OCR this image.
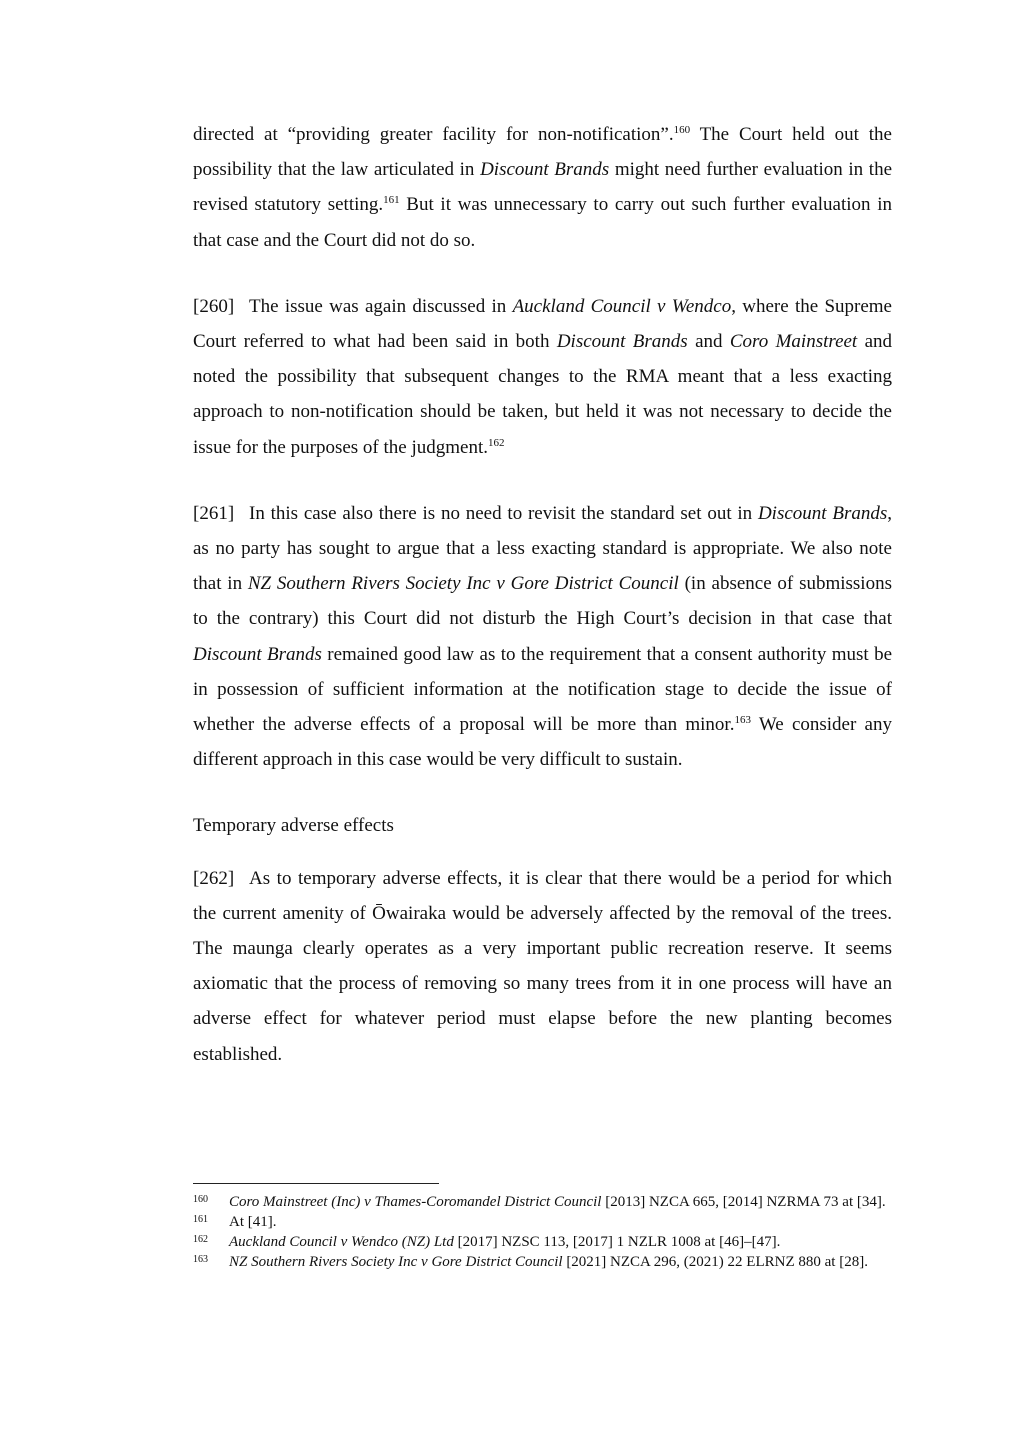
directed at “providing greater facility for non-notification”.$^{160}$ The Court held out the possibility that the law articulated in Discount Brands might need further evaluation in the revised statutory setting.$^{161}$ But it was unnecessary to carry out such further evaluation in that case and the Court did not do so.

[260] The issue was again discussed in Auckland Council v Wendco, where the Supreme Court referred to what had been said in both Discount Brands and Coro Mainstreet and noted the possibility that subsequent changes to the RMA meant that a less exacting approach to non-notification should be taken, but held it was not necessary to decide the issue for the purposes of the judgment.$^{162}$

[261] In this case also there is no need to revisit the standard set out in Discount Brands, as no party has sought to argue that a less exacting standard is appropriate. We also note that in NZ Southern Rivers Society Inc v Gore District Council (in absence of submissions to the contrary) this Court did not disturb the High Court’s decision in that case that Discount Brands remained good law as to the requirement that a consent authority must be in possession of sufficient information at the notification stage to decide the issue of whether the adverse effects of a proposal will be more than minor.$^{163}$ We consider any different approach in this case would be very difficult to sustain.

Temporary adverse effects

[262] As to temporary adverse effects, it is clear that there would be a period for which the current amenity of Ōwairaka would be adversely affected by the removal of the trees. The maunga clearly operates as a very important public recreation reserve. It seems axiomatic that the process of removing so many trees from it in one process will have an adverse effect for whatever period must elapse before the new planting becomes established.

160	Coro Mainstreet (Inc) v Thames-Coromandel District Council [2013] NZCA 665, [2014] NZRMA 73 at [34].
161	At [41].
162	Auckland Council v Wendco (NZ) Ltd [2017] NZSC 113, [2017] 1 NZLR 1008 at [46]–[47].
163	NZ Southern Rivers Society Inc v Gore District Council [2021] NZCA 296, (2021) 22 ELRNZ 880 at [28].
